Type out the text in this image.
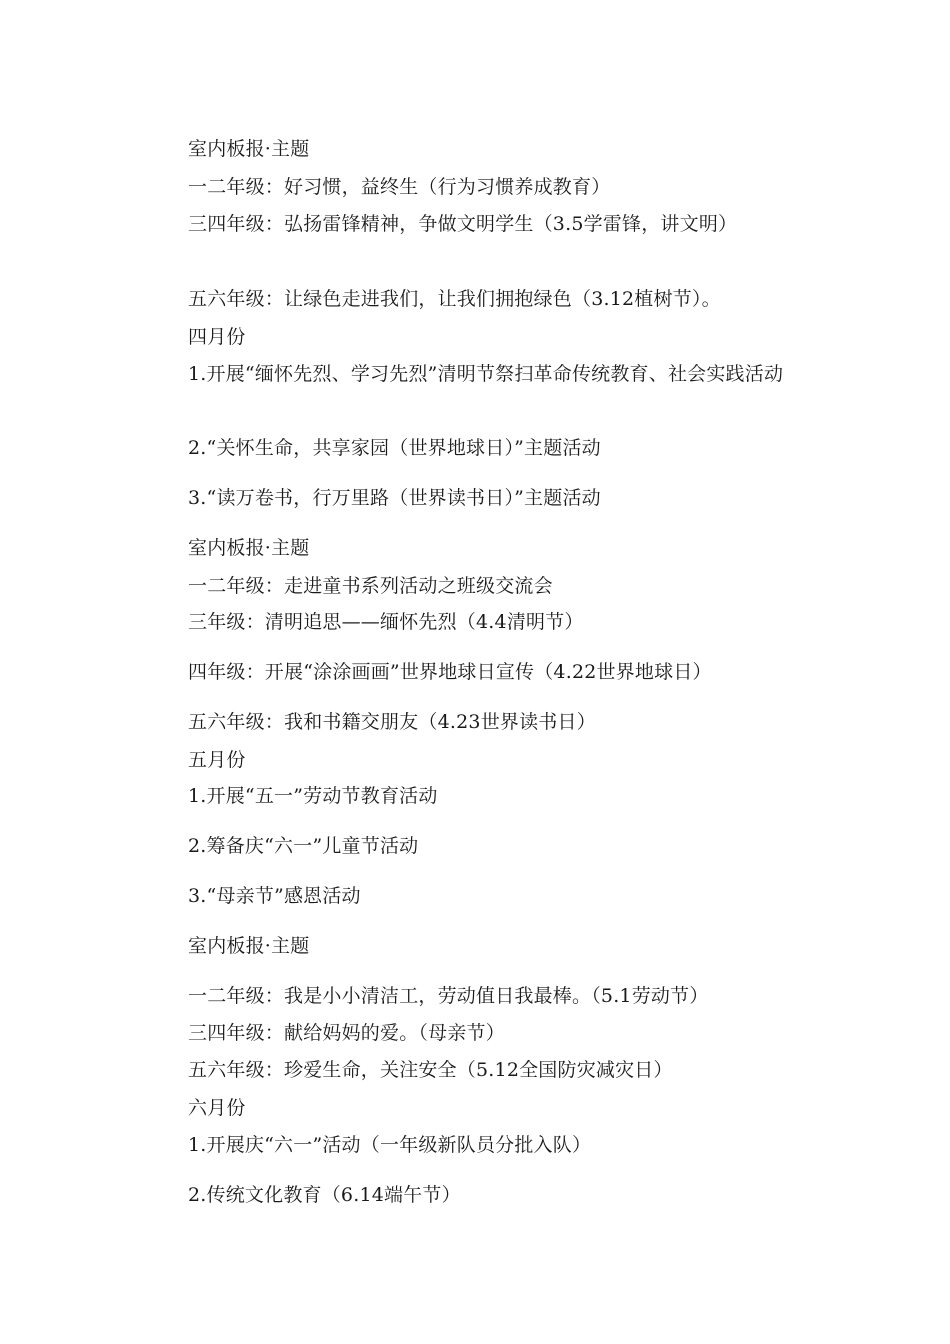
室内板报·主题
一二年级：好习惯，益终生（行为习惯养成教育）
三四年级：弘扬雷锋精神，争做文明学生（3.5学雷锋，讲文明）
五六年级：让绿色走进我们，让我们拥抱绿色（3.12植树节）。
四月份
1.开展“缅怀先烈、学习先烈”清明节祭扫革命传统教育、社会实践活动
2.“关怀生命，共享家园（世界地球日）”主题活动
3.“读万卷书，行万里路（世界读书日）”主题活动
室内板报·主题
一二年级：走进童书系列活动之班级交流会
三年级：清明追思——缅怀先烈（4.4清明节）
四年级：开展“涂涂画画”世界地球日宣传（4.22世界地球日）
五六年级：我和书籍交朋友（4.23世界读书日）
五月份
1.开展“五一”劳动节教育活动
2.筹备庆“六一”儿童节活动
3.“母亲节”感恩活动
室内板报·主题
一二年级：我是小小清洁工，劳动值日我最棒。（5.1劳动节）
三四年级：献给妈妈的爱。（母亲节）
五六年级：珍爱生命，关注安全（5.12全国防灾减灾日）
六月份
1.开展庆“六一”活动（一年级新队员分批入队）
2.传统文化教育（6.14端午节）
